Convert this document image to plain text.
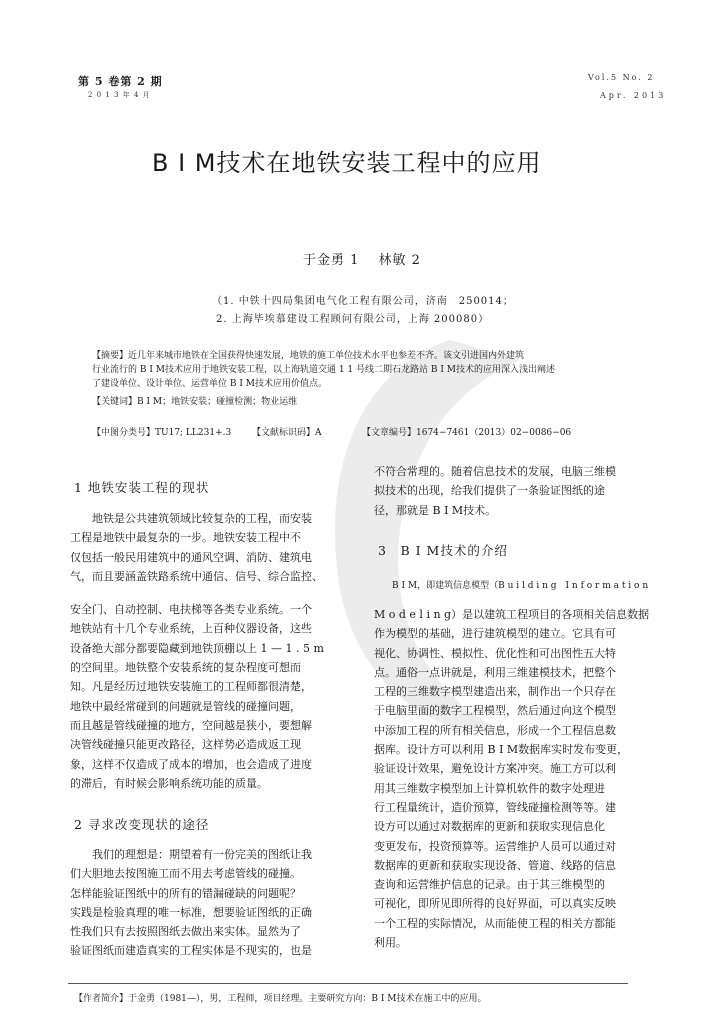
第 5 卷第 2 期
2 0 1 3 年 4 月
Vol.5 No. 2
Apr. 2013
B I M技术在地铁安装工程中的应用
于金勇 1　 林敏 2
（1. 中铁十四局集团电气化工程有限公司，济南　250014；
2. 上海毕埃慕建设工程顾问有限公司，上海 200080）

【摘要】近几年来城市地铁在全国获得快速发展，地铁的施工单位技术水平也参差不齐。该文引进国内外建筑

行业流行的 B I M技术应用于地铁安装工程，以上海轨道交通 1 1 号线二期石龙路站 B I M技术的应用深入浅出阐述

了建设单位、设计单位、运营单位 B I M技术应用价值点。

【关键词】B I M；地铁安装；碰撞检测；物业运维

【中图分类号】TU17; LL231+.3 【文献标识码】A	【文章编号】1674−7461（2013）02−0086−06
1 地铁安装工程的现状

　　地铁是公共建筑领域比较复杂的工程，而安装

工程是地铁中最复杂的一步。地铁安装工程中不

仅包括一般民用建筑中的通风空调、消防、建筑电

气，而且要涵盖铁路系统中通信、信号、综合监控、

安全门、自动控制、电扶梯等各类专业系统。一个

地铁站有十几个专业系统，上百种仪器设备，这些

设备绝大部分都要隐藏到地铁顶棚以上 1 — 1 . 5 m

的空间里。地铁整个安装系统的复杂程度可想而

知。凡是经历过地铁安装施工的工程师都很清楚，

地铁中最经常碰到的问题就是管线的碰撞问题，

而且越是管线碰撞的地方，空间越是狭小，要想解

决管线碰撞只能更改路径，这样势必造成返工现

象，这样不仅造成了成本的增加，也会造成了进度

的滞后，有时候会影响系统功能的质量。

2 寻求改变现状的途径

　　我们的理想是：期望着有一份完美的图纸让我

们大胆地去按图施工而不用去考虑管线的碰撞。

怎样能验证图纸中的所有的错漏碰缺的问题呢？

实践是检验真理的唯一标准，想要验证图纸的正确

性我们只有去按照图纸去做出来实体。显然为了

验证图纸而建造真实的工程实体是不现实的，也是

不符合常理的。随着信息技术的发展，电脑三维模

拟技术的出现，给我们提供了一条验证图纸的途

径，那就是 B I M技术。

3　B I M技术的介绍
　　B I M，即建筑信息模型（B u i l d i n g　I n f o r m a t i o n

M o d e l i n g）是以建筑工程项目的各项相关信息数据

作为模型的基础，进行建筑模型的建立。它具有可

视化、协调性、模拟性、优化性和可出图性五大特

点。通俗一点讲就是，利用三维建模技术，把整个

工程的三维数字模型建造出来，制作出一个只存在

于电脑里面的数字工程模型，然后通过向这个模型

中添加工程的所有相关信息，形成一个工程信息数

据库。设计方可以利用 B I M数据库实时发布变更，

验证设计效果，避免设计方案冲突。施工方可以利

用其三维数字模型加上计算机软件的数字处理进

行工程量统计，造价预算，管线碰撞检测等等。建

设方可以通过对数据库的更新和获取实现信息化

变更发布，投资预算等。运营维护人员可以通过对

数据库的更新和获取实现设备、管道、线路的信息

查询和运营维护信息的记录。由于其三维模型的

可视化，即所见即所得的良好界面，可以真实反映

一个工程的实际情况，从而能使工程的相关方都能

利用。

【作者简介】于金勇（1981—），男，工程师，项目经理。主要研究方向：B I M技术在施工中的应用。
